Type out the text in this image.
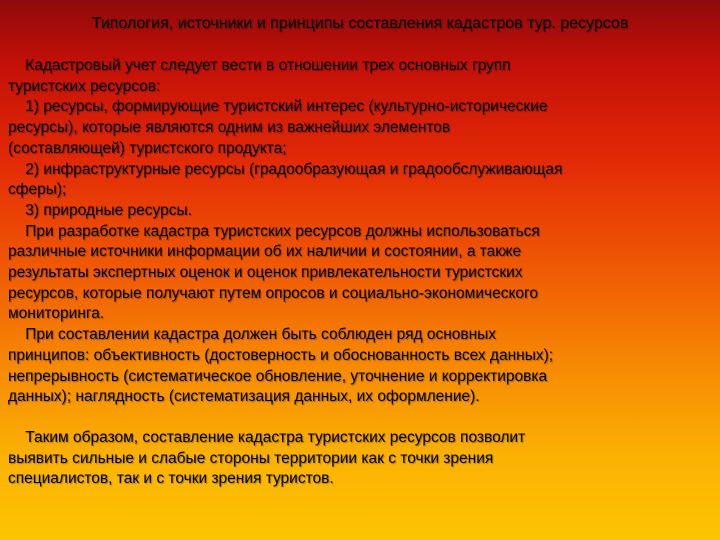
Типология, источники и принципы составления кадастров тур. ресурсов
Кадастровый учет следует вести в отношении трех основных групп
туристских ресурсов:
1) ресурсы, формирующие туристский интерес (культурно-исторические
ресурсы), которые являются одним из важнейших элементов
(составляющей) туристского продукта;
2) инфраструктурные ресурсы (градообразующая и градообслуживающая
сферы);
3) природные ресурсы.
При разработке кадастра туристских ресурсов должны использоваться
различные источники информации об их наличии и состоянии, а также
результаты экспертных оценок и оценок привлекательности туристских
ресурсов, которые получают путем опросов и социально-экономического
мониторинга.
При составлении кадастра должен быть соблюден ряд основных
принципов: объективность (достоверность и обоснованность всех данных);
непрерывность (систематическое обновление, уточнение и корректировка
данных); наглядность (систематизация данных, их оформление).
Таким образом, составление кадастра туристских ресурсов позволит
выявить сильные и слабые стороны территории как с точки зрения
специалистов, так и с точки зрения туристов.
